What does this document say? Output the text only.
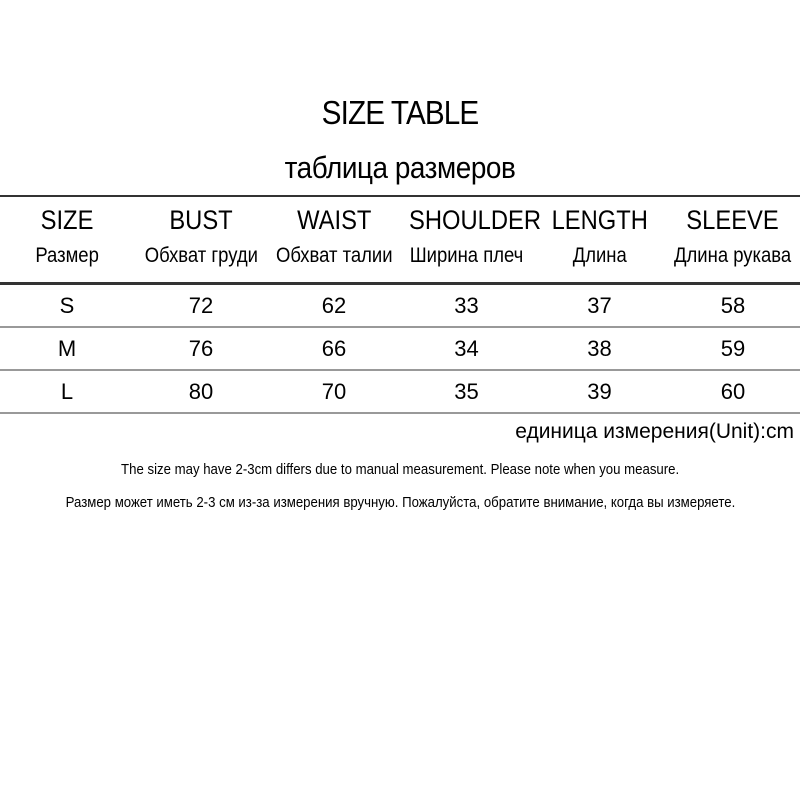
SIZE TABLE
таблица размеров
SIZE	BUST	WAIST	SHOULDER	LENGTH	SLEEVE
Размер	Обхват груди	Обхват талии	Ширина плеч	Длина	Длина рукава
S	72	62	33	37	58
M	76	66	34	38	59
L	80	70	35	39	60
единица измерения(Unit):cm
The size may have 2-3cm differs due to manual measurement. Please note when you measure.
Размер может иметь 2-3 см из-за измерения вручную. Пожалуйста, обратите внимание, когда вы измеряете.
